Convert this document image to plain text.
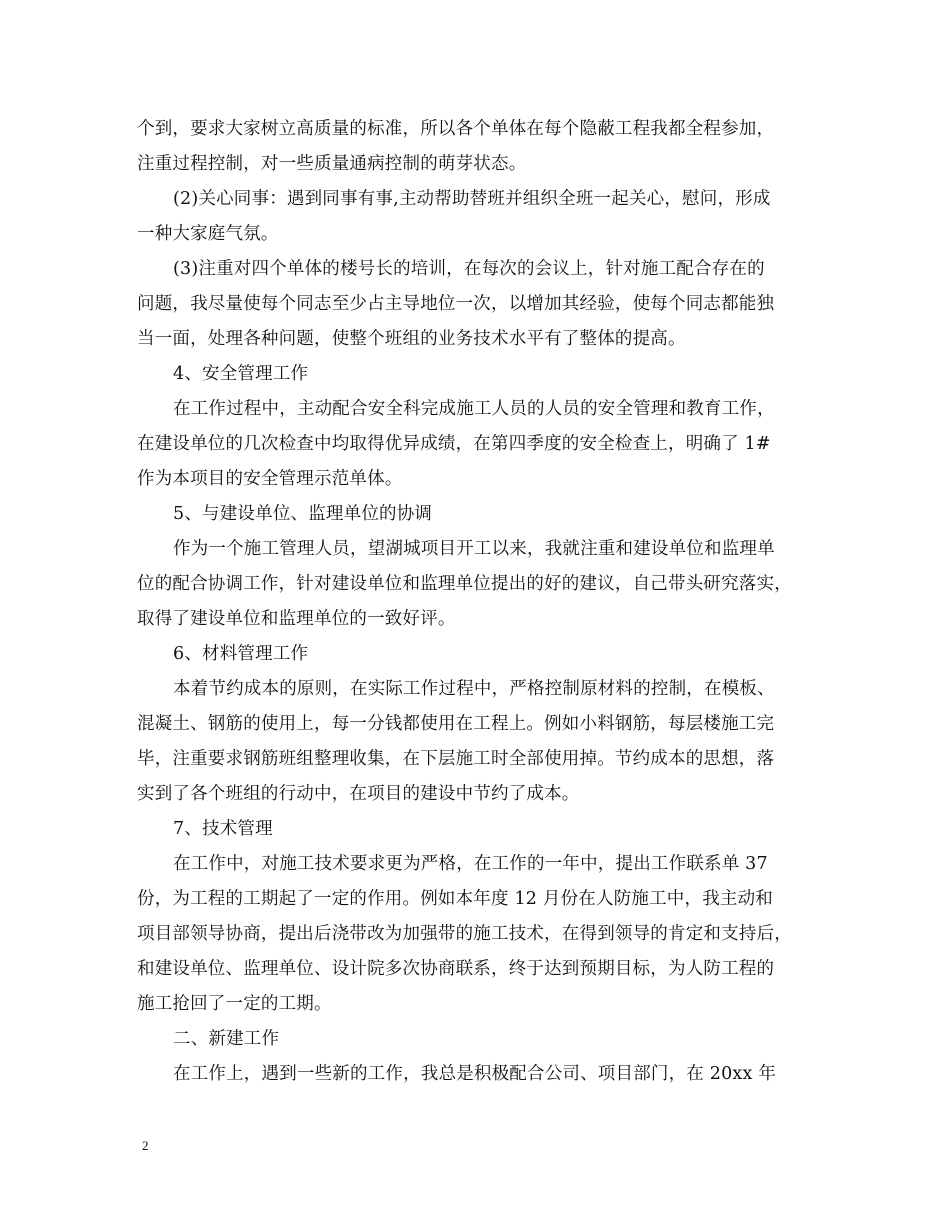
个到，要求大家树立高质量的标准，所以各个单体在每个隐蔽工程我都全程参加，
注重过程控制，对一些质量通病控制的萌芽状态。
(2)关心同事：遇到同事有事,主动帮助替班并组织全班一起关心，慰问，形成
一种大家庭气氛。
(3)注重对四个单体的楼号长的培训，在每次的会议上，针对施工配合存在的
问题，我尽量使每个同志至少占主导地位一次，以增加其经验，使每个同志都能独
当一面，处理各种问题，使整个班组的业务技术水平有了整体的提高。
4、安全管理工作
在工作过程中，主动配合安全科完成施工人员的人员的安全管理和教育工作，
在建设单位的几次检查中均取得优异成绩，在第四季度的安全检查上，明确了 1#
作为本项目的安全管理示范单体。
5、与建设单位、监理单位的协调
作为一个施工管理人员，望湖城项目开工以来，我就注重和建设单位和监理单
位的配合协调工作，针对建设单位和监理单位提出的好的建议，自己带头研究落实，
取得了建设单位和监理单位的一致好评。
6、材料管理工作
本着节约成本的原则，在实际工作过程中，严格控制原材料的控制，在模板、
混凝土、钢筋的使用上，每一分钱都使用在工程上。例如小料钢筋，每层楼施工完
毕，注重要求钢筋班组整理收集，在下层施工时全部使用掉。节约成本的思想，落
实到了各个班组的行动中，在项目的建设中节约了成本。
7、技术管理
在工作中，对施工技术要求更为严格，在工作的一年中，提出工作联系单 37
份，为工程的工期起了一定的作用。例如本年度 12 月份在人防施工中，我主动和
项目部领导协商，提出后浇带改为加强带的施工技术，在得到领导的肯定和支持后，
和建设单位、监理单位、设计院多次协商联系，终于达到预期目标，为人防工程的
施工抢回了一定的工期。
二、新建工作
在工作上，遇到一些新的工作，我总是积极配合公司、项目部门，在 20xx 年
2
